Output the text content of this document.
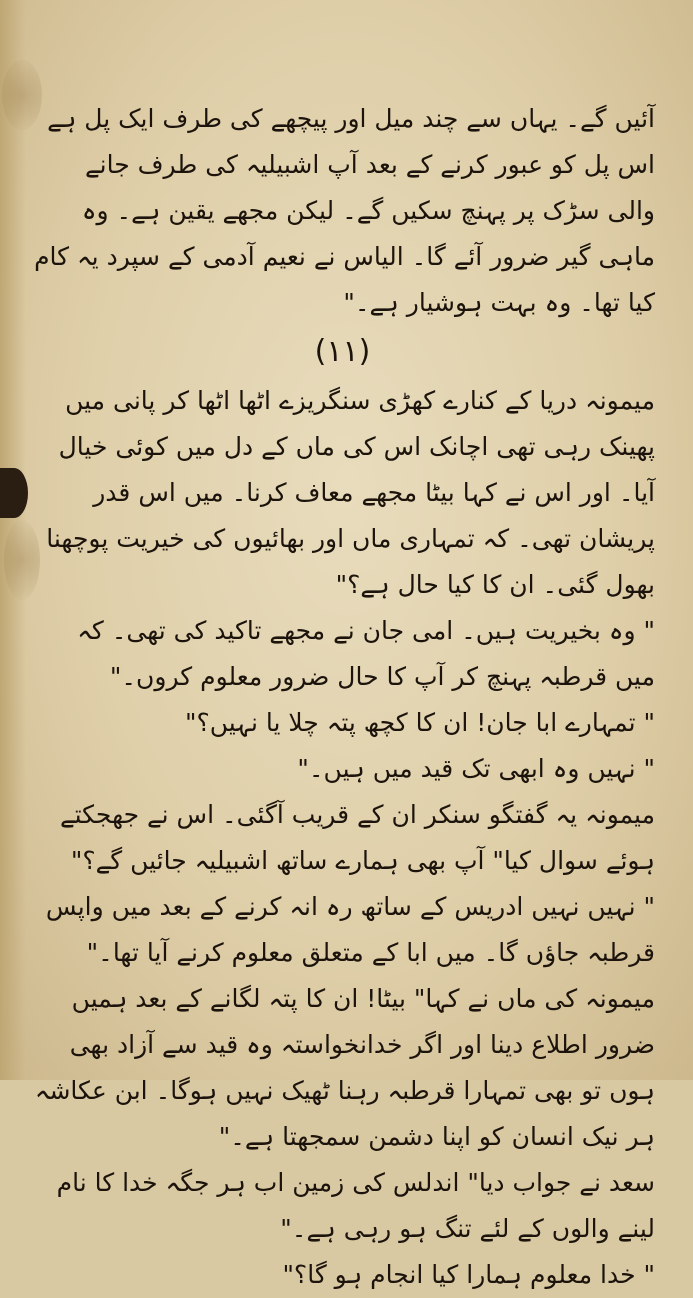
آئیں گے۔ یہاں سے چند میل اور پیچھے کی طرف ایک پل ہے اس پل کو عبور کرنے کے بعد آپ اشبیلیہ کی طرف جانے والی سڑک پر پہنچ سکیں گے۔ لیکن مجھے یقین ہے۔ وہ ماہی گیر ضرور آئے گا۔ الیاس نے نعیم آدمی کے سپرد یہ کام کیا تھا۔ وہ بہت ہوشیار ہے۔"

(۱۱)

میمونہ دریا کے کنارے کھڑی سنگریزے اٹھا اٹھا کر پانی میں پھینک رہی تھی اچانک اس کی ماں کے دل میں کوئی خیال آیا۔ اور اس نے کہا بیٹا مجھے معاف کرنا۔ میں اس قدر پریشان تھی۔ کہ تمہاری ماں اور بھائیوں کی خیریت پوچھنا بھول گئی۔ ان کا کیا حال ہے؟"

" وہ بخیریت ہیں۔ امی جان نے مجھے تاکید کی تھی۔ کہ میں قرطبہ پہنچ کر آپ کا حال ضرور معلوم کروں۔"

" تمہارے ابا جان! ان کا کچھ پتہ چلا یا نہیں؟"

" نہیں وہ ابھی تک قید میں ہیں۔"

میمونہ یہ گفتگو سنکر ان کے قریب آگئی۔ اس نے جھجکتے ہوئے سوال کیا" آپ بھی ہمارے ساتھ اشبیلیہ جائیں گے؟"

" نہیں نہیں ادریس کے ساتھ رہ انہ کرنے کے بعد میں واپس قرطبہ جاؤں گا۔ میں ابا کے متعلق معلوم کرنے آیا تھا۔"

میمونہ کی ماں نے کہا" بیٹا! ان کا پتہ لگانے کے بعد ہمیں ضرور اطلاع دینا اور اگر خدانخواستہ وہ قید سے آزاد بھی ہوں تو بھی تمہارا قرطبہ رہنا ٹھیک نہیں ہوگا۔ ابن عکاشہ ہر نیک انسان کو اپنا دشمن سمجھتا ہے۔"

سعد نے جواب دیا" اندلس کی زمین اب ہر جگہ خدا کا نام لینے والوں کے لئے تنگ ہو رہی ہے۔"

" خدا معلوم ہمارا کیا انجام ہو گا؟"
